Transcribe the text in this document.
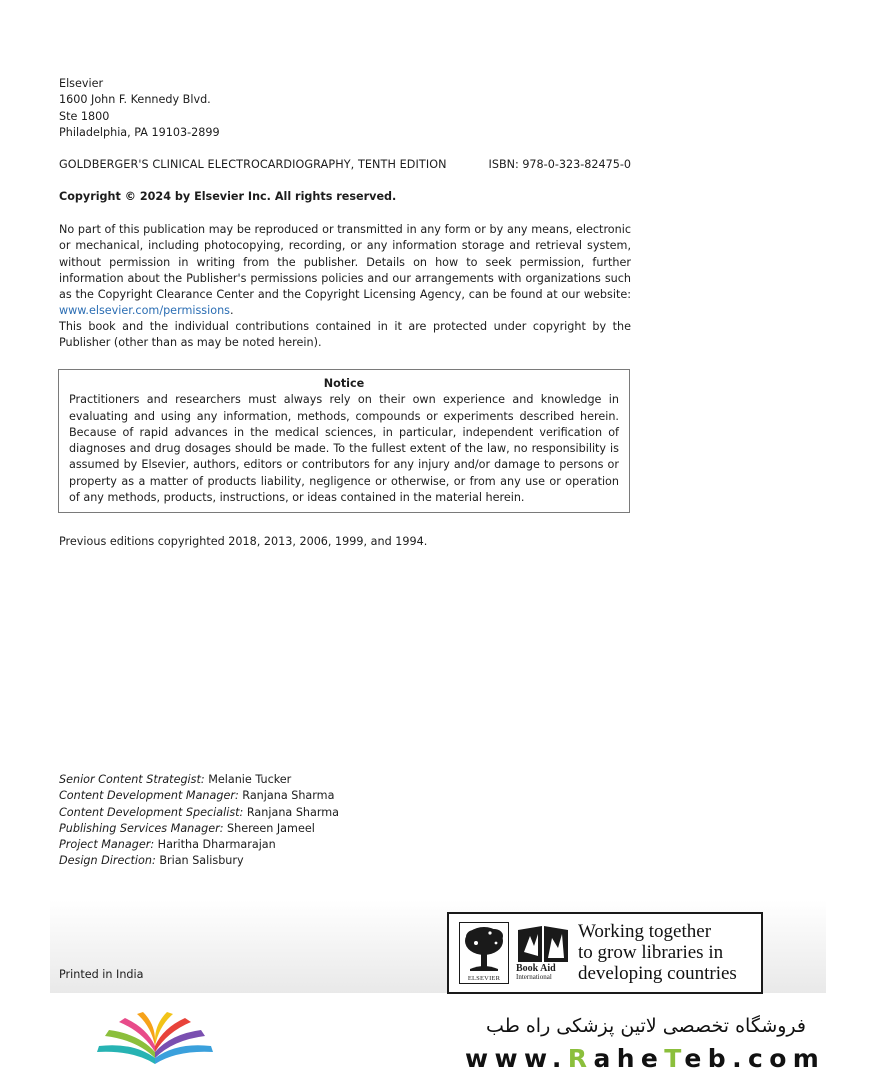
Elsevier
1600 John F. Kennedy Blvd.
Ste 1800
Philadelphia, PA 19103-2899
GOLDBERGER'S CLINICAL ELECTROCARDIOGRAPHY, TENTH EDITION	ISBN: 978-0-323-82475-0
Copyright © 2024 by Elsevier Inc. All rights reserved.
No part of this publication may be reproduced or transmitted in any form or by any means, electronic or mechanical, including photocopying, recording, or any information storage and retrieval system, without permission in writing from the publisher. Details on how to seek permission, further information about the Publisher's permissions policies and our arrangements with organizations such as the Copyright Clearance Center and the Copyright Licensing Agency, can be found at our website: www.elsevier.com/permissions.
This book and the individual contributions contained in it are protected under copyright by the Publisher (other than as may be noted herein).
Notice
Practitioners and researchers must always rely on their own experience and knowledge in evaluating and using any information, methods, compounds or experiments described herein. Because of rapid advances in the medical sciences, in particular, independent verification of diagnoses and drug dosages should be made. To the fullest extent of the law, no responsibility is assumed by Elsevier, authors, editors or contributors for any injury and/or damage to persons or property as a matter of products liability, negligence or otherwise, or from any use or operation of any methods, products, instructions, or ideas contained in the material herein.
Previous editions copyrighted 2018, 2013, 2006, 1999, and 1994.
Senior Content Strategist: Melanie Tucker
Content Development Manager: Ranjana Sharma
Content Development Specialist: Ranjana Sharma
Publishing Services Manager: Shereen Jameel
Project Manager: Haritha Dharmarajan
Design Direction: Brian Salisbury
Printed in India	ELSEVIER
Book Aid
International
Working together
to grow libraries in
developing countries
فروشگاه تخصصی لاتین پزشکی راه طب
www.RaheTeb.com
